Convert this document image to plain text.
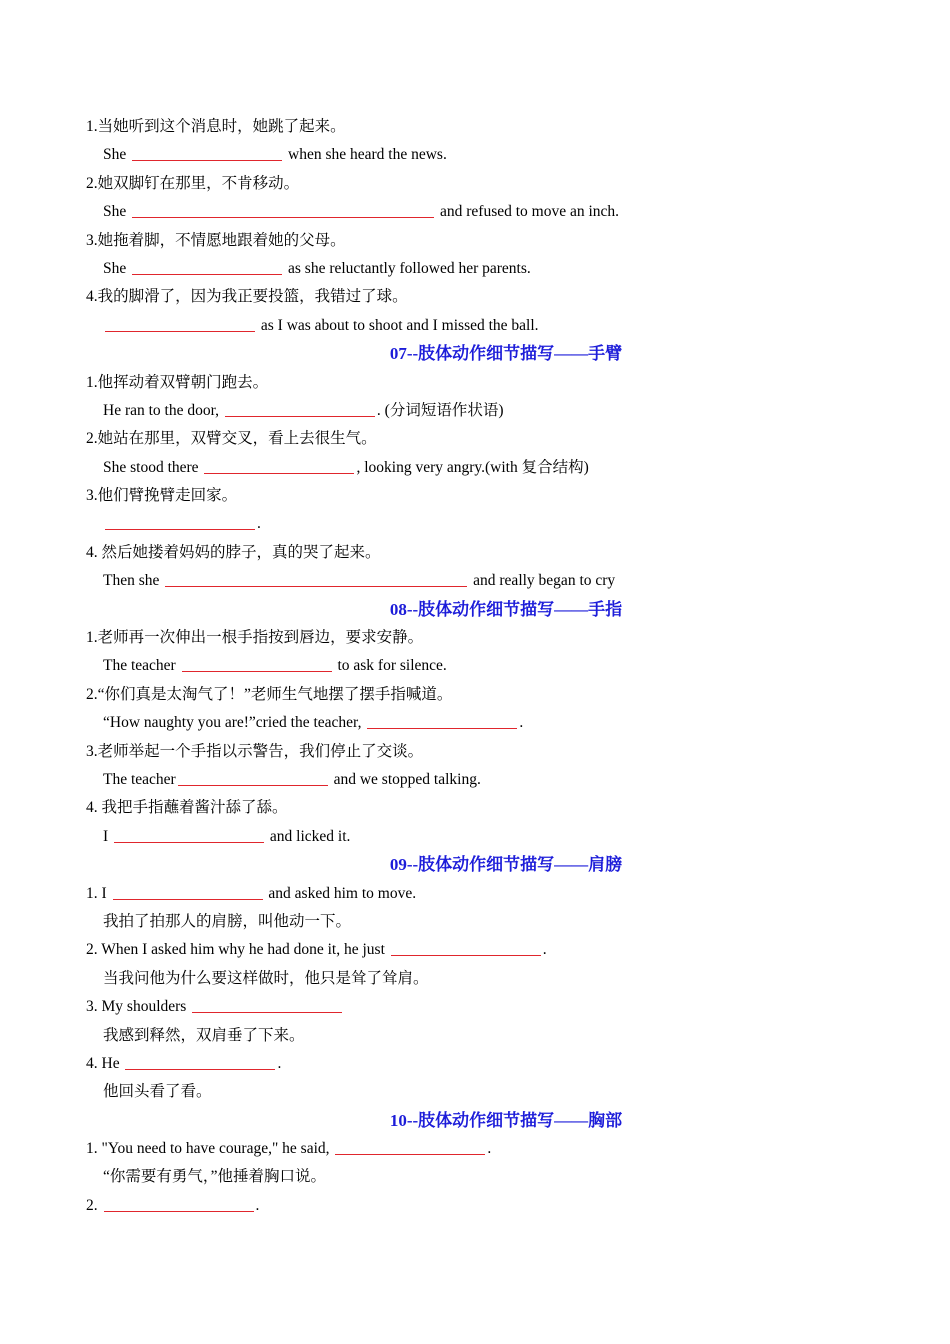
1.当她听到这个消息时，她跳了起来。
She	when she heard the news.
2.她双脚钉在那里，不肯移动。
She	and refused to move an inch.
3.她拖着脚，不情愿地跟着她的父母。
She	as she reluctantly followed her parents.
4.我的脚滑了，因为我正要投篮，我错过了球。
as I was about to shoot and I missed the ball.
07--肢体动作细节描写——手臂
1.他挥动着双臂朝门跑去。
He ran to the door,	. (分词短语作状语)
2.她站在那里，双臂交叉，看上去很生气。
She stood there	, looking very angry.(with 复合结构)
3.他们臂挽臂走回家。
.
4. 然后她搂着妈妈的脖子，真的哭了起来。
Then she	and really began to cry
08--肢体动作细节描写——手指
1.老师再一次伸出一根手指按到唇边，要求安静。
The teacher	to ask for silence.
2.“你们真是太淘气了！”老师生气地摆了摆手指喊道。
“How naughty you are!”cried the teacher,	.
3.老师举起一个手指以示警告，我们停止了交谈。
The teacher	and we stopped talking.
4. 我把手指蘸着酱汁舔了舔。
I	and licked it.
09--肢体动作细节描写——肩膀
1. I	and asked him to move.
我拍了拍那人的肩膀，叫他动一下。
2. When I asked him why he had done it, he just	.
当我问他为什么要这样做时，他只是耸了耸肩。
3. My shoulders
我感到释然，双肩垂了下来。
4. He	.
他回头看了看。
10--肢体动作细节描写——胸部
1. "You need to have courage," he said,	.
“你需要有勇气，”他捶着胸口说。
2.	.
